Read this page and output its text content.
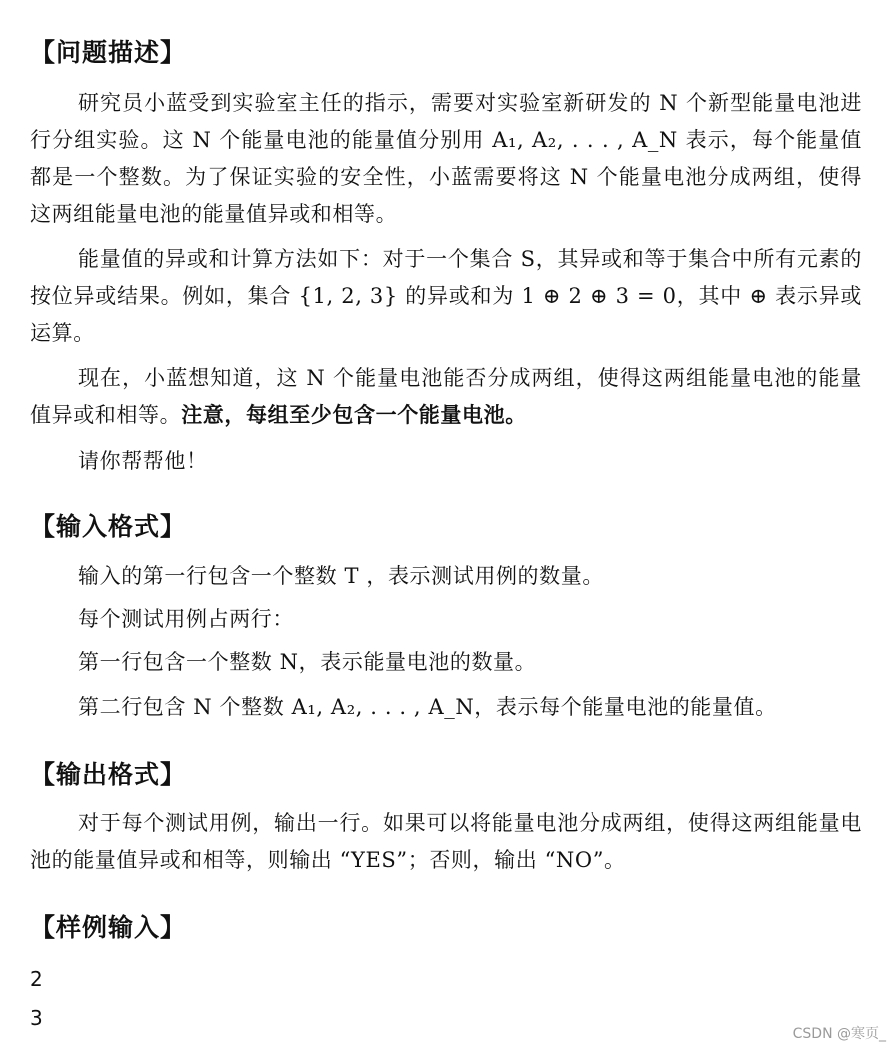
【问题描述】
研究员小蓝受到实验室主任的指示，需要对实验室新研发的 N 个新型能量电池进行分组实验。这 N 个能量电池的能量值分别用 A₁, A₂, . . . , A_N 表示，每个能量值都是一个整数。为了保证实验的安全性，小蓝需要将这 N 个能量电池分成两组，使得这两组能量电池的能量值异或和相等。
能量值的异或和计算方法如下：对于一个集合 S，其异或和等于集合中所有元素的按位异或结果。例如，集合 {1, 2, 3} 的异或和为 1 ⊕ 2 ⊕ 3 = 0，其中 ⊕ 表示异或运算。
现在，小蓝想知道，这 N 个能量电池能否分成两组，使得这两组能量电池的能量值异或和相等。注意，每组至少包含一个能量电池。
请你帮帮他！
【输入格式】
输入的第一行包含一个整数 T ，表示测试用例的数量。
每个测试用例占两行：
第一行包含一个整数 N，表示能量电池的数量。
第二行包含 N 个整数 A₁, A₂, . . . , A_N，表示每个能量电池的能量值。
【输出格式】
对于每个测试用例，输出一行。如果可以将能量电池分成两组，使得这两组能量电池的能量值异或和相等，则输出 “YES”；否则，输出 “NO”。
【样例输入】
2
3
CSDN @寒页_
